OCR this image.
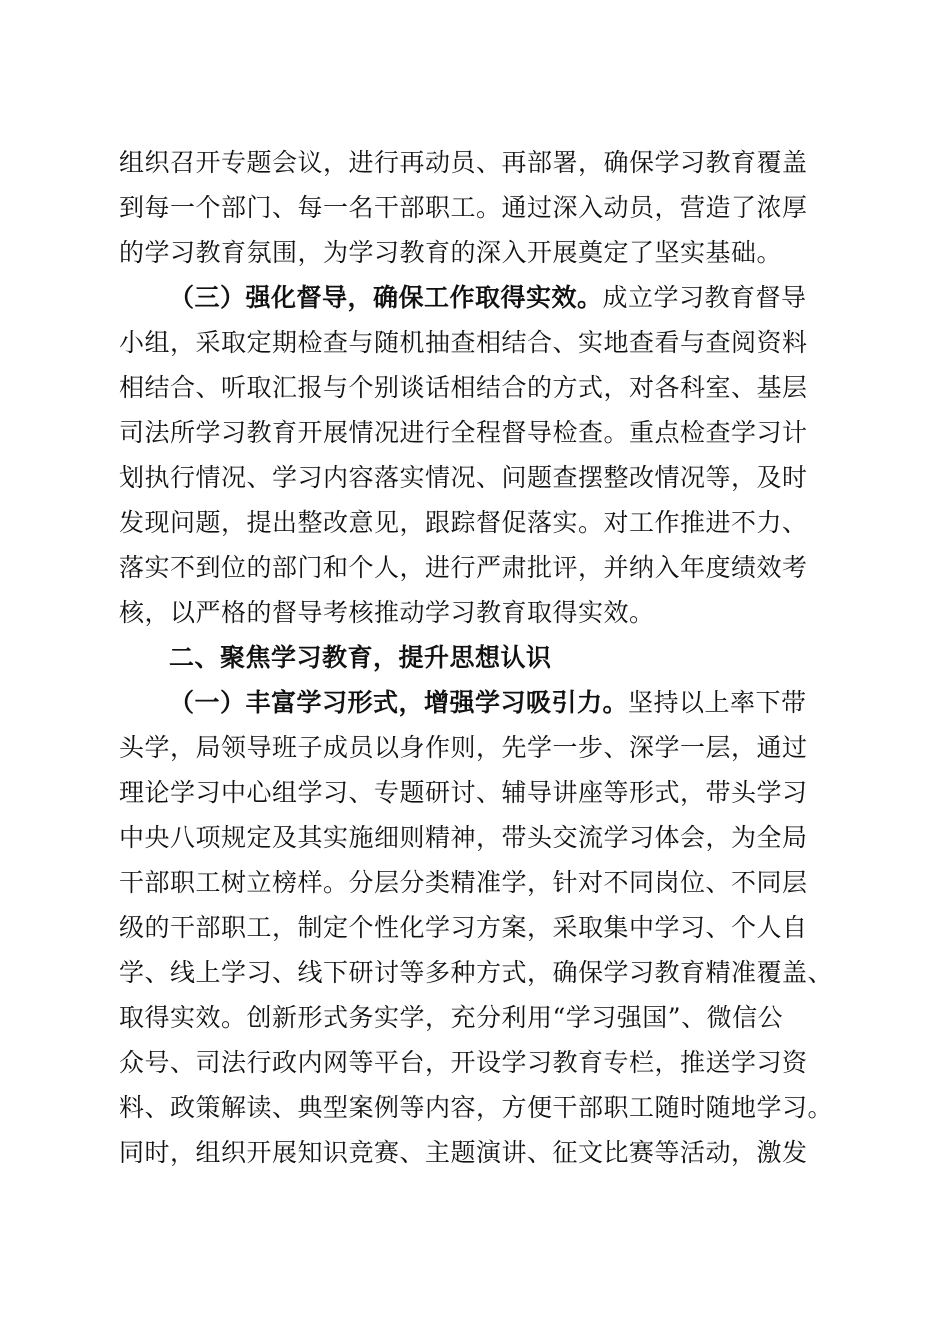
组织召开专题会议，进行再动员、再部署，确保学习教育覆盖
到每一个部门、每一名干部职工。通过深入动员，营造了浓厚
的学习教育氛围，为学习教育的深入开展奠定了坚实基础。
（三）强化督导，确保工作取得实效。成立学习教育督导
小组，采取定期检查与随机抽查相结合、实地查看与查阅资料
相结合、听取汇报与个别谈话相结合的方式，对各科室、基层
司法所学习教育开展情况进行全程督导检查。重点检查学习计
划执行情况、学习内容落实情况、问题查摆整改情况等，及时
发现问题，提出整改意见，跟踪督促落实。对工作推进不力、
落实不到位的部门和个人，进行严肃批评，并纳入年度绩效考
核，以严格的督导考核推动学习教育取得实效。
二、聚焦学习教育，提升思想认识
（一）丰富学习形式，增强学习吸引力。坚持以上率下带
头学，局领导班子成员以身作则，先学一步、深学一层，通过
理论学习中心组学习、专题研讨、辅导讲座等形式，带头学习
中央八项规定及其实施细则精神，带头交流学习体会，为全局
干部职工树立榜样。分层分类精准学，针对不同岗位、不同层
级的干部职工，制定个性化学习方案，采取集中学习、个人自
学、线上学习、线下研讨等多种方式，确保学习教育精准覆盖、
取得实效。创新形式务实学，充分利用“学习强国”、微信公
众号、司法行政内网等平台，开设学习教育专栏，推送学习资
料、政策解读、典型案例等内容，方便干部职工随时随地学习。
同时，组织开展知识竞赛、主题演讲、征文比赛等活动，激发
